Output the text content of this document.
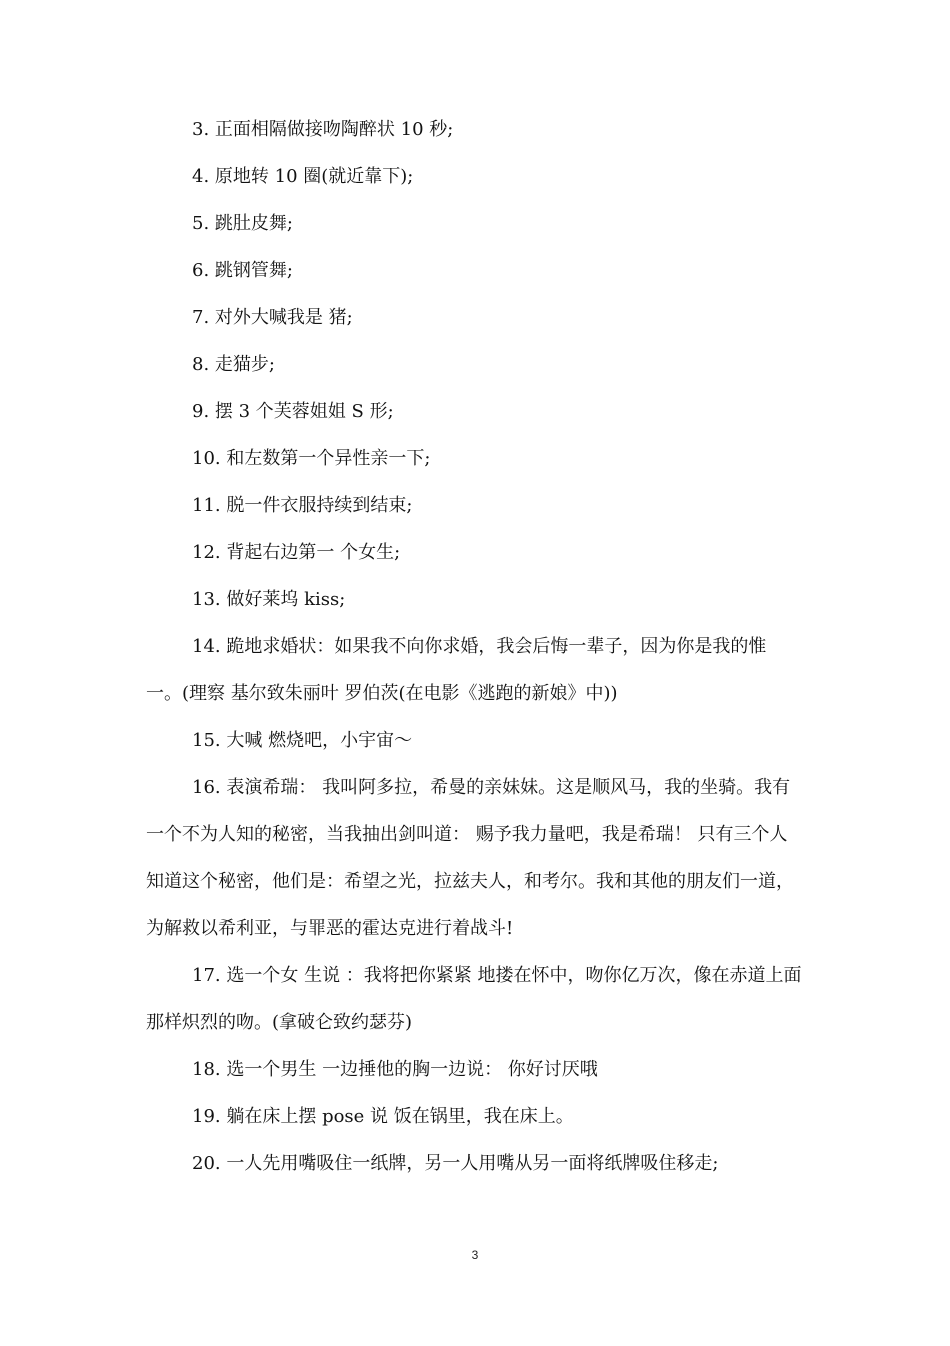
3. 正面相隔做接吻陶醉状 10 秒;

4. 原地转 10 圈(就近靠下);

5. 跳肚皮舞;

6. 跳钢管舞;

7. 对外大喊我是 猪;

8. 走猫步;

9. 摆 3 个芙蓉姐姐 S 形;

10. 和左数第一个异性亲一下;

11. 脱一件衣服持续到结束;

12. 背起右边第一 个女生;

13. 做好莱坞 kiss;

14. 跪地求婚状：如果我不向你求婚，我会后悔一辈子，因为你是我的惟一。(理察 基尔致朱丽叶 罗伯茨(在电影《逃跑的新娘》中))

15. 大喊 燃烧吧，小宇宙～

16. 表演希瑞： 我叫阿多拉，希曼的亲妹妹。这是顺风马，我的坐骑。我有一个不为人知的秘密，当我抽出剑叫道： 赐予我力量吧，我是希瑞！ 只有三个人知道这个秘密，他们是：希望之光，拉兹夫人，和考尔。我和其他的朋友们一道，为解救以希利亚，与罪恶的霍达克进行着战斗!

17. 选一个女 生说 ：我将把你紧紧 地搂在怀中，吻你亿万次，像在赤道上面那样炽烈的吻。(拿破仑致约瑟芬)

18. 选一个男生 一边捶他的胸一边说： 你好讨厌哦

19. 躺在床上摆 pose 说 饭在锅里，我在床上。

20. 一人先用嘴吸住一纸牌，另一人用嘴从另一面将纸牌吸住移走;

3
